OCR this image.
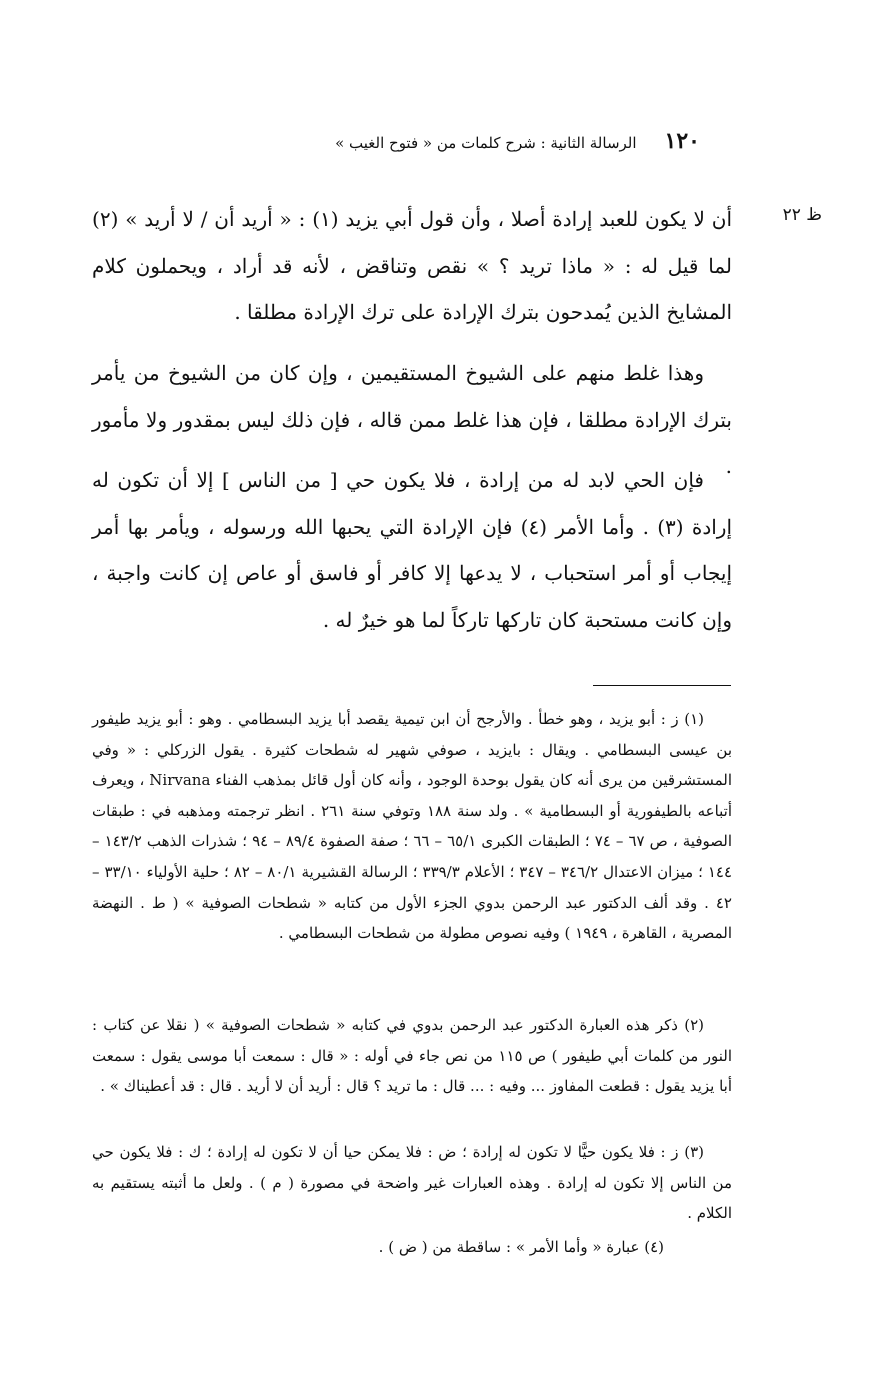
١٢٠
الرسالة الثانية : شرح كلمات من « فتوح الغيب »
ظ ٢٢

أن لا يكون للعبد إرادة أصلا ، وأن قول أبي يزيد (١) : « أريد أن / لا أريد » (٢) لما قيل له : « ماذا تريد ؟ » نقص وتناقض ، لأنه قد أراد ، ويحملون كلام المشايخ الذين يُمدحون بترك الإرادة على ترك الإرادة مطلقا .

وهذا غلط منهم على الشيوخ المستقيمين ، وإن كان من الشيوخ من يأمر بترك الإرادة مطلقا ، فإن هذا غلط ممن قاله ، فإن ذلك ليس بمقدور ولا مأمور .

فإن الحي لابد له من إرادة ، فلا يكون حي [ من الناس ] إلا أن تكون له إرادة (٣) . وأما الأمر (٤) فإن الإرادة التي يحبها الله ورسوله ، ويأمر بها أمر إيجاب أو أمر استحباب ، لا يدعها إلا كافر أو فاسق أو عاص إن كانت واجبة ، وإن كانت مستحبة كان تاركها تاركاً لما هو خيرٌ له .

(١) ز : أبو يزيد ، وهو خطأ . والأرجح أن ابن تيمية يقصد أبا يزيد البسطامي . وهو : أبو يزيد طيفور بن عيسى البسطامي . ويقال : بايزيد ، صوفي شهير له شطحات كثيرة . يقول الزركلي : « وفي المستشرقين من يرى أنه كان يقول بوحدة الوجود ، وأنه كان أول قائل بمذهب الفناء Nirvana ، ويعرف أتباعه بالطيفورية أو البسطامية » . ولد سنة ١٨٨ وتوفي سنة ٢٦١ . انظر ترجمته ومذهبه في : طبقات الصوفية ، ص ٦٧ – ٧٤ ؛ الطبقات الكبرى ٦٥/١ – ٦٦ ؛ صفة الصفوة ٨٩/٤ – ٩٤ ؛ شذرات الذهب ١٤٣/٢ – ١٤٤ ؛ ميزان الاعتدال ٣٤٦/٢ – ٣٤٧ ؛ الأعلام ٣٣٩/٣ ؛ الرسالة القشيرية ٨٠/١ – ٨٢ ؛ حلية الأولياء ٣٣/١٠ – ٤٢ . وقد ألف الدكتور عبد الرحمن بدوي الجزء الأول من كتابه « شطحات الصوفية » ( ط . النهضة المصرية ، القاهرة ، ١٩٤٩ ) وفيه نصوص مطولة من شطحات البسطامي .

(٢) ذكر هذه العبارة الدكتور عبد الرحمن بدوي في كتابه « شطحات الصوفية » ( نقلا عن كتاب : النور من كلمات أبي طيفور ) ص ١١٥ من نص جاء في أوله : « قال : سمعت أبا موسى يقول : سمعت أبا يزيد يقول : قطعت المفاوز ... وفيه : ... قال : ما تريد ؟ قال : أريد أن لا أريد . قال : قد أعطيناك » .

(٣) ز : فلا يكون حيًّا لا تكون له إرادة ؛ ض : فلا يمكن حيا أن لا تكون له إرادة ؛ ك : فلا يكون حي من الناس إلا تكون له إرادة . وهذه العبارات غير واضحة في مصورة ( م ) . ولعل ما أثبته يستقيم به الكلام .

(٤) عبارة « وأما الأمر » : ساقطة من ( ض ) .
